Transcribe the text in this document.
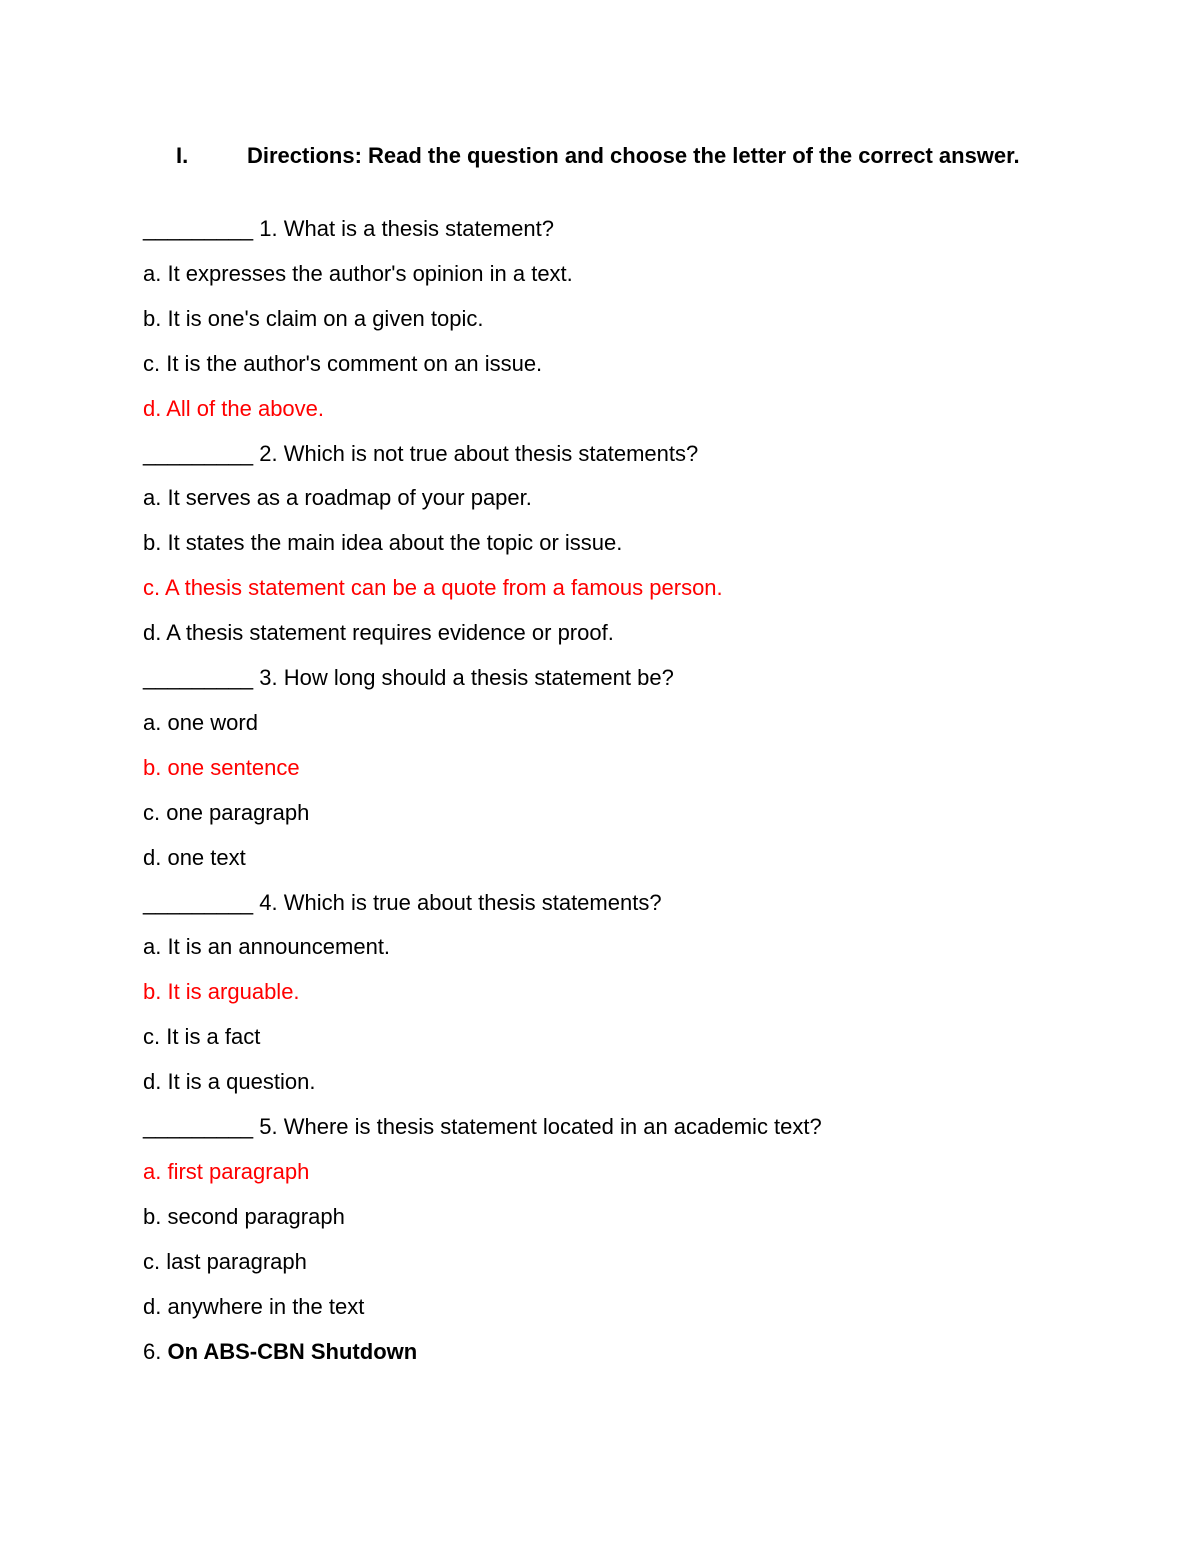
I.	Directions: Read the question and choose the letter of the correct answer.
_________ 1. What is a thesis statement?
a. It expresses the author's opinion in a text.
b. It is one's claim on a given topic.
c. It is the author's comment on an issue.
d. All of the above.
_________ 2. Which is not true about thesis statements?
a. It serves as a roadmap of your paper.
b. It states the main idea about the topic or issue.
c. A thesis statement can be a quote from a famous person.
d. A thesis statement requires evidence or proof.
_________ 3. How long should a thesis statement be?
a. one word
b. one sentence
c. one paragraph
d. one text
_________ 4. Which is true about thesis statements?
a. It is an announcement.
b. It is arguable.
c. It is a fact
d. It is a question.
_________ 5. Where is thesis statement located in an academic text?
a. first paragraph
b. second paragraph
c. last paragraph
d. anywhere in the text
6. On ABS-CBN Shutdown
